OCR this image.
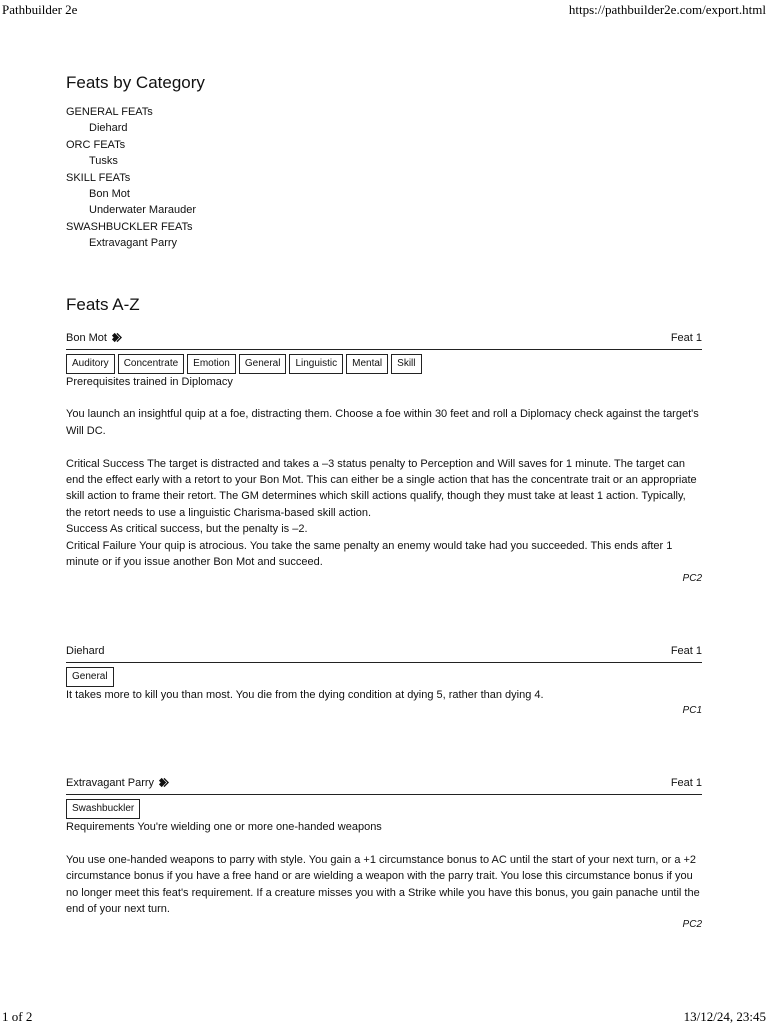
Pathbuilder 2e	https://pathbuilder2e.com/export.html
Feats by Category
GENERAL FEATs
Diehard
ORC FEATs
Tusks
SKILL FEATs
Bon Mot
Underwater Marauder
SWASHBUCKLER FEATs
Extravagant Parry
Feats A-Z
Bon Mot	Feat 1
Auditory	Concentrate	Emotion	General	Linguistic	Mental	Skill

Prerequisites trained in Diplomacy

You launch an insightful quip at a foe, distracting them. Choose a foe within 30 feet and roll a Diplomacy check against the target's Will DC.

Critical Success The target is distracted and takes a –3 status penalty to Perception and Will saves for 1 minute. The target can end the effect early with a retort to your Bon Mot. This can either be a single action that has the concentrate trait or an appropriate skill action to frame their retort. The GM determines which skill actions qualify, though they must take at least 1 action. Typically, the retort needs to use a linguistic Charisma-based skill action.

Success As critical success, but the penalty is –2.

Critical Failure Your quip is atrocious. You take the same penalty an enemy would take had you succeeded. This ends after 1 minute or if you issue another Bon Mot and succeed.

PC2
Diehard	Feat 1
General

It takes more to kill you than most. You die from the dying condition at dying 5, rather than dying 4.

PC1
Extravagant Parry	Feat 1
Swashbuckler

Requirements You're wielding one or more one-handed weapons

You use one-handed weapons to parry with style. You gain a +1 circumstance bonus to AC until the start of your next turn, or a +2 circumstance bonus if you have a free hand or are wielding a weapon with the parry trait. You lose this circumstance bonus if you no longer meet this feat's requirement. If a creature misses you with a Strike while you have this bonus, you gain panache until the end of your next turn.

PC2
1 of 2	13/12/24, 23:45
